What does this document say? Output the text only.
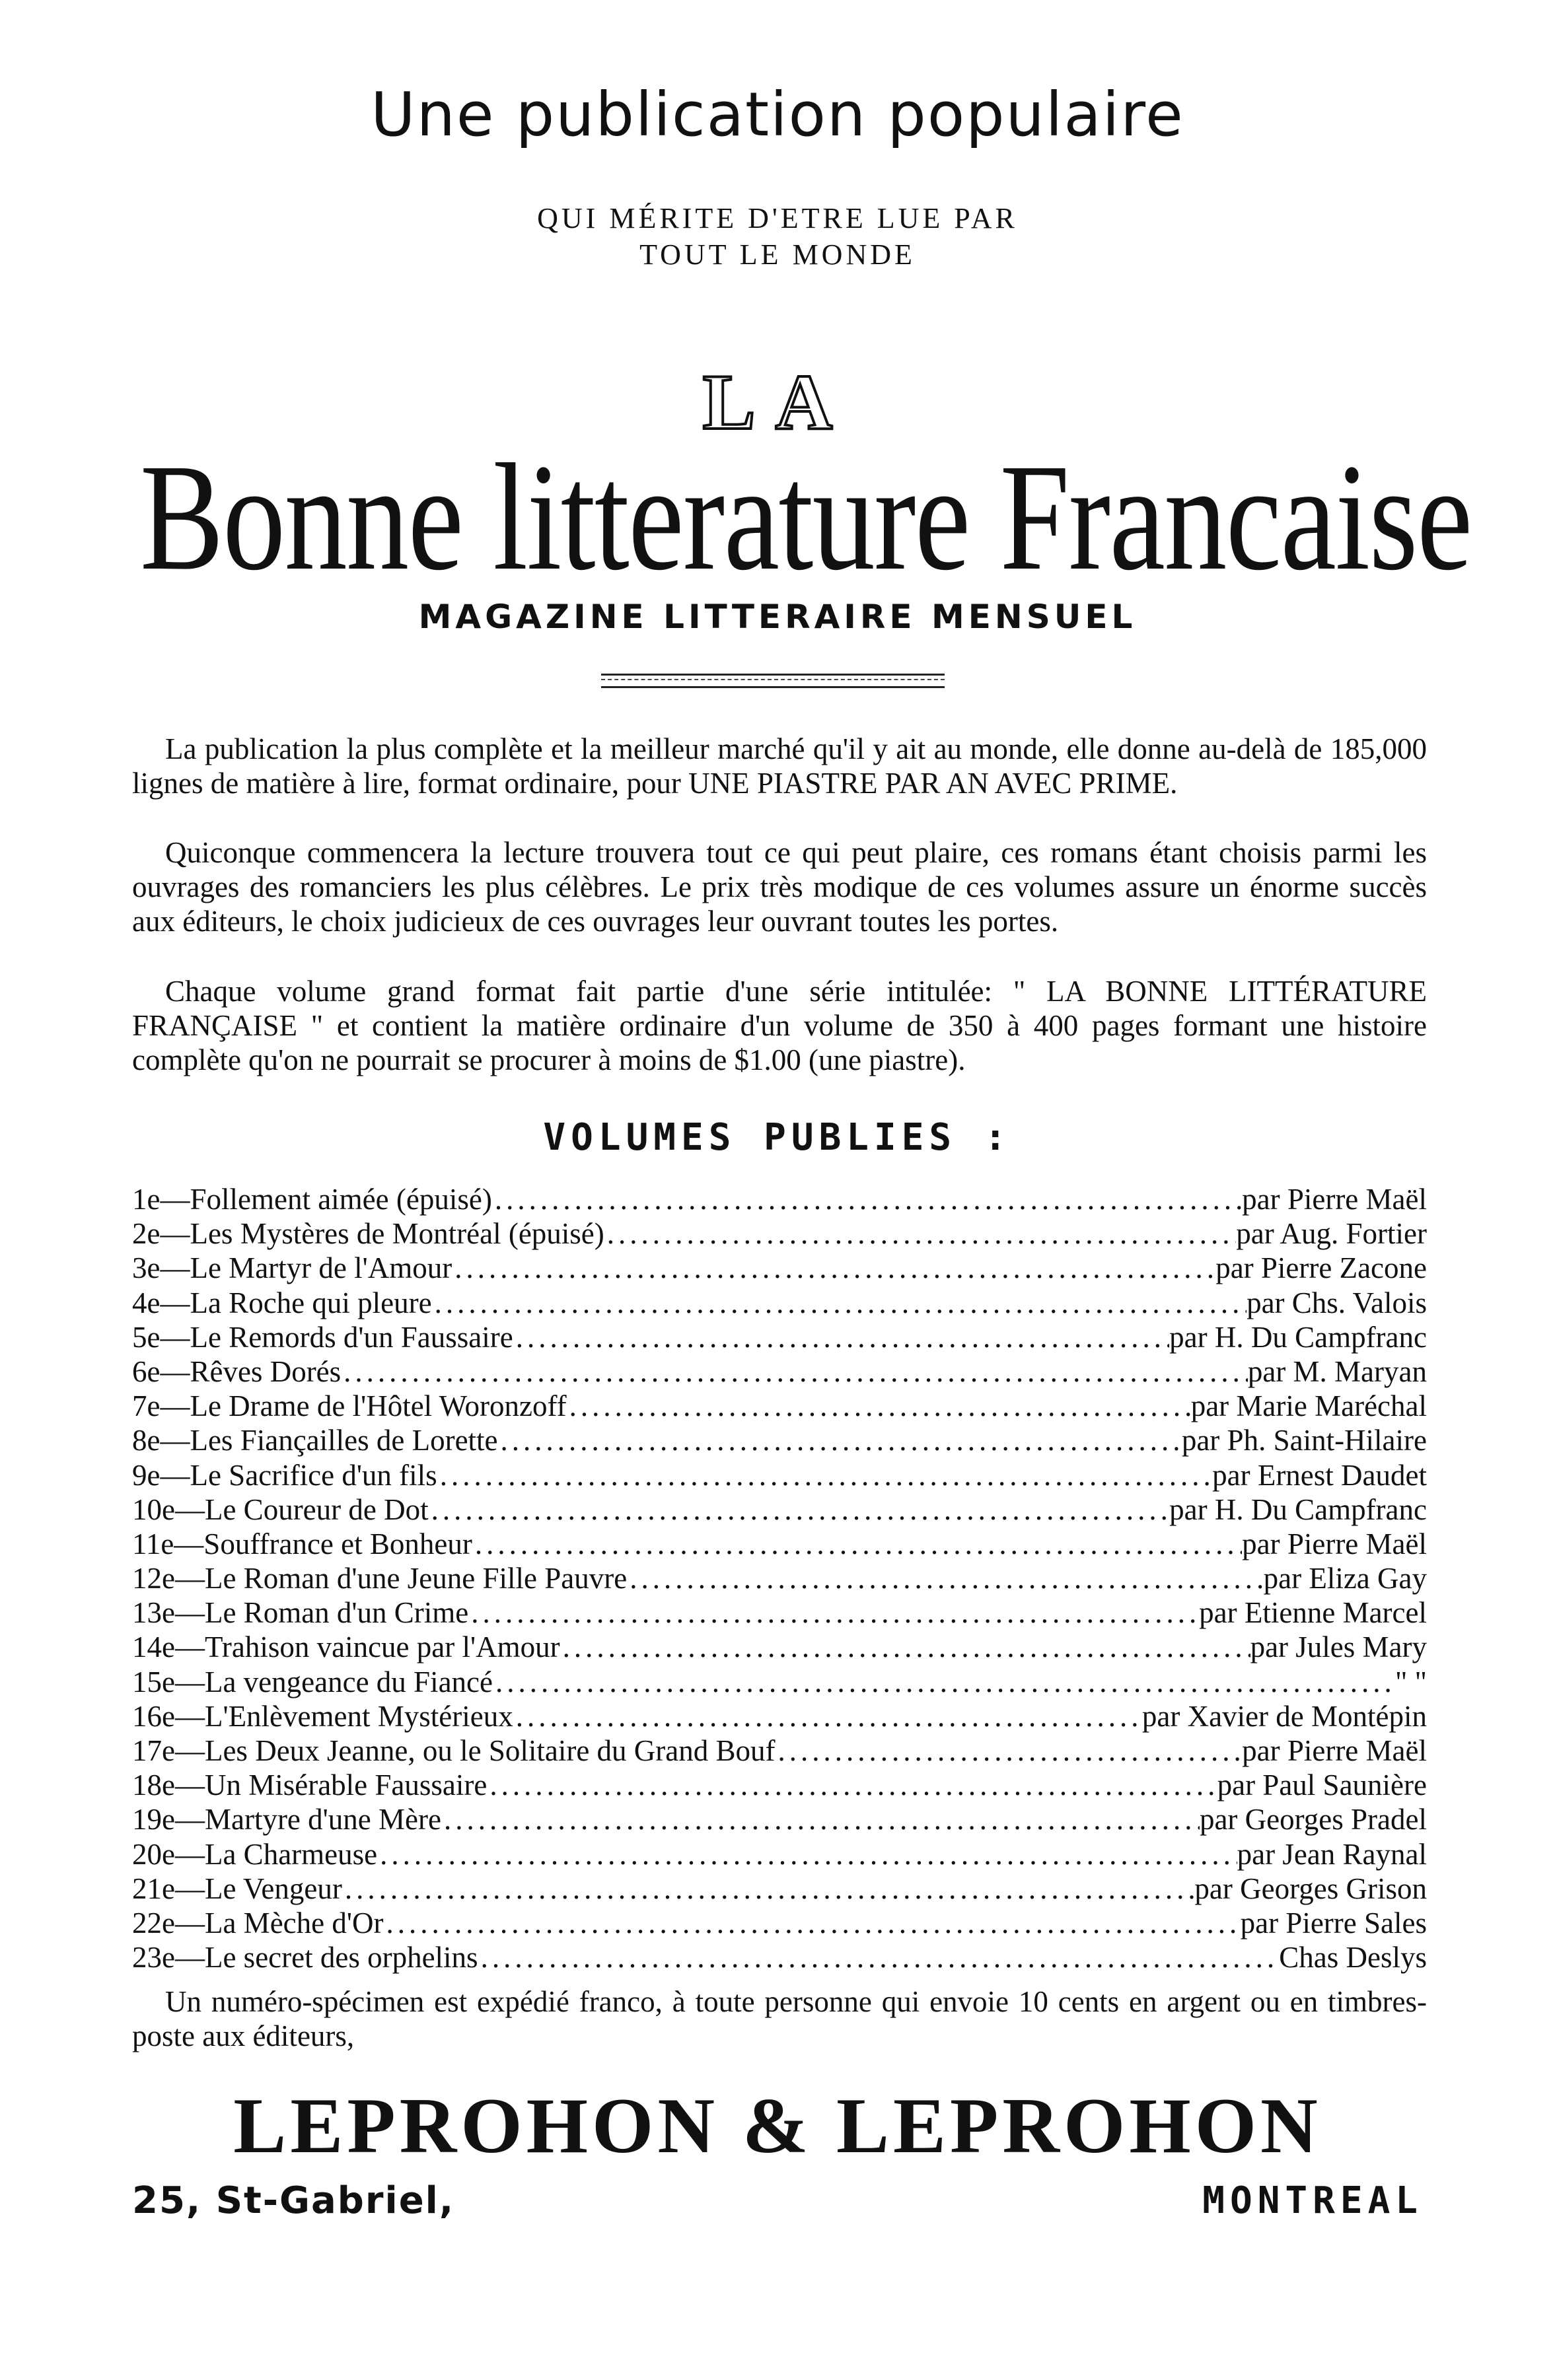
Une publication populaire
QUI MÉRITE D'ETRE LUE PAR
TOUT LE MONDE
LA
Bonne litterature Francaise
MAGAZINE LITTERAIRE MENSUEL

La publication la plus complète et la meilleur marché qu'il y ait au monde, elle donne au-delà de 185,000 lignes de matière à lire, format ordinaire, pour UNE PIASTRE PAR AN AVEC PRIME.

Quiconque commencera la lecture trouvera tout ce qui peut plaire, ces romans étant choisis parmi les ouvrages des romanciers les plus célèbres. Le prix très modique de ces volumes assure un énorme succès aux éditeurs, le choix judicieux de ces ouvrages leur ouvrant toutes les portes.

Chaque volume grand format fait partie d'une série intitulée: " LA BONNE LITTÉRATURE FRANÇAISE " et contient la matière ordinaire d'un volume de 350 à 400 pages formant une histoire complète qu'on ne pourrait se procurer à moins de $1.00 (une piastre).

VOLUMES PUBLIES :
1e—Follement aimée (épuisé) .....	par Pierre Maël
2e—Les Mystères de Montréal (épuisé) .....	par Aug. Fortier
3e—Le Martyr de l'Amour .....	par Pierre Zacone
4e—La Roche qui pleure .....	par Chs. Valois
5e—Le Remords d'un Faussaire .....	par H. Du Campfranc
6e—Rêves Dorés .....	par M. Maryan
7e—Le Drame de l'Hôtel Woronzoff .....	par Marie Maréchal
8e—Les Fiançailles de Lorette .....	par Ph. Saint-Hilaire
9e—Le Sacrifice d'un fils .....	par Ernest Daudet
10e—Le Coureur de Dot .....	par H. Du Campfranc
11e—Souffrance et Bonheur .....	par Pierre Maël
12e—Le Roman d'une Jeune Fille Pauvre .....	par Eliza Gay
13e—Le Roman d'un Crime .....	par Etienne Marcel
14e—Trahison vaincue par l'Amour .....	par Jules Mary
15e—La vengeance du Fiancé .....	" "
16e—L'Enlèvement Mystérieux .....	par Xavier de Montépin
17e—Les Deux Jeanne, ou le Solitaire du Grand Bouf .....	par Pierre Maël
18e—Un Misérable Faussaire .....	par Paul Saunière
19e—Martyre d'une Mère .....	par Georges Pradel
20e—La Charmeuse .....	par Jean Raynal
21e—Le Vengeur .....	par Georges Grison
22e—La Mèche d'Or .....	par Pierre Sales
23e—Le secret des orphelins .....	Chas Deslys

Un numéro-spécimen est expédié franco, à toute personne qui envoie 10 cents en argent ou en timbres-poste aux éditeurs,

LEPROHON & LEPROHON
25, St-Gabriel,	MONTREAL
